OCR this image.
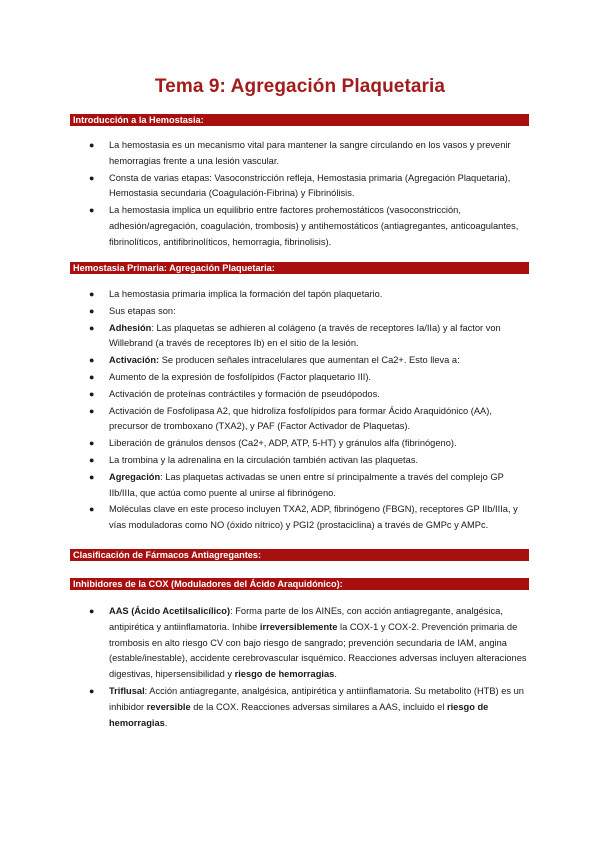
Tema 9: Agregación Plaquetaria
Introducción a la Hemostasia:
● La hemostasia es un mecanismo vital para mantener la sangre circulando en los vasos y prevenir hemorragias frente a una lesión vascular.
● Consta de varias etapas: Vasoconstricción refleja, Hemostasia primaria (Agregación Plaquetaria), Hemostasia secundaria (Coagulación-Fibrina) y Fibrinólisis.
● La hemostasia implica un equilibrio entre factores prohemostáticos (vasoconstricción, adhesión/agregación, coagulación, trombosis) y antihemostáticos (antiagregantes, anticoagulantes, fibrinolíticos, antifibrinolíticos, hemorragia, fibrinolisis).
Hemostasia Primaria: Agregación Plaquetaria:
● La hemostasia primaria implica la formación del tapón plaquetario.
● Sus etapas son:
● Adhesión: Las plaquetas se adhieren al colágeno (a través de receptores Ia/IIa) y al factor von Willebrand (a través de receptores Ib) en el sitio de la lesión.
● Activación: Se producen señales intracelulares que aumentan el Ca2+. Esto lleva a:
● Aumento de la expresión de fosfolípidos (Factor plaquetario III).
● Activación de proteínas contráctiles y formación de pseudópodos.
● Activación de Fosfolipasa A2, que hidroliza fosfolípidos para formar Ácido Araquidónico (AA), precursor de tromboxano (TXA2), y PAF (Factor Activador de Plaquetas).
● Liberación de gránulos densos (Ca2+, ADP, ATP, 5-HT) y gránulos alfa (fibrinógeno).
● La trombina y la adrenalina en la circulación también activan las plaquetas.
● Agregación: Las plaquetas activadas se unen entre sí principalmente a través del complejo GP IIb/IIIa, que actúa como puente al unirse al fibrinógeno.
● Moléculas clave en este proceso incluyen TXA2, ADP, fibrinógeno (FBGN), receptores GP IIb/IIIa, y vías moduladoras como NO (óxido nítrico) y PGI2 (prostaciclina) a través de GMPc y AMPc.
Clasificación de Fármacos Antiagregantes:
Inhibidores de la COX (Moduladores del Ácido Araquidónico):
● AAS (Ácido Acetilsalicílico): Forma parte de los AINEs, con acción antiagregante, analgésica, antipirética y antiinflamatoria. Inhibe irreversiblemente la COX-1 y COX-2. Prevención primaria de trombosis en alto riesgo CV con bajo riesgo de sangrado; prevención secundaria de IAM, angina (estable/inestable), accidente cerebrovascular isquémico. Reacciones adversas incluyen alteraciones digestivas, hipersensibilidad y riesgo de hemorragias.
● Triflusal: Acción antiagregante, analgésica, antipirética y antiinflamatoria. Su metabolito (HTB) es un inhibidor reversible de la COX. Reacciones adversas similares a AAS, incluido el riesgo de hemorragias.
